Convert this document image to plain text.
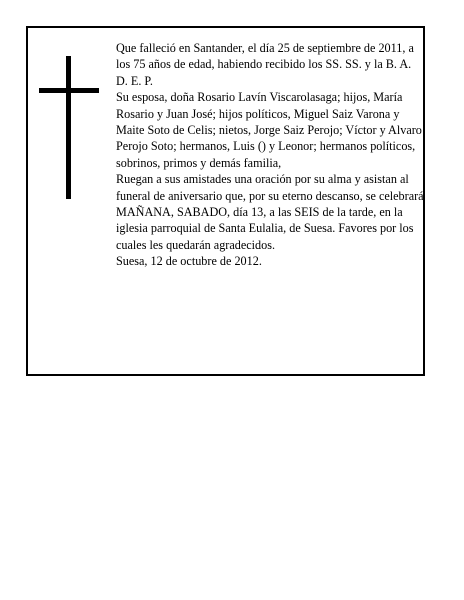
Que falleció en Santander, el día 25 de septiembre de 2011, a los 75 años de edad, habiendo recibido los SS. SS. y la B. A.

D. E. P.

Su esposa, doña Rosario Lavín Viscarolasaga; hijos, María Rosario y Juan José; hijos políticos, Miguel Saiz Varona y Maite Soto de Celis; nietos, Jorge Saiz Perojo; Víctor y Alvaro Perojo Soto; hermanos, Luis () y Leonor; hermanos políticos, sobrinos, primos y demás familia,

Ruegan a sus amistades una oración por su alma y asistan al funeral de aniversario que, por su eterno descanso, se celebrará MAÑANA, SABADO, día 13, a las SEIS de la tarde, en la iglesia parroquial de Santa Eulalia, de Suesa. Favores por los cuales les quedarán agradecidos.

Suesa, 12 de octubre de 2012.
